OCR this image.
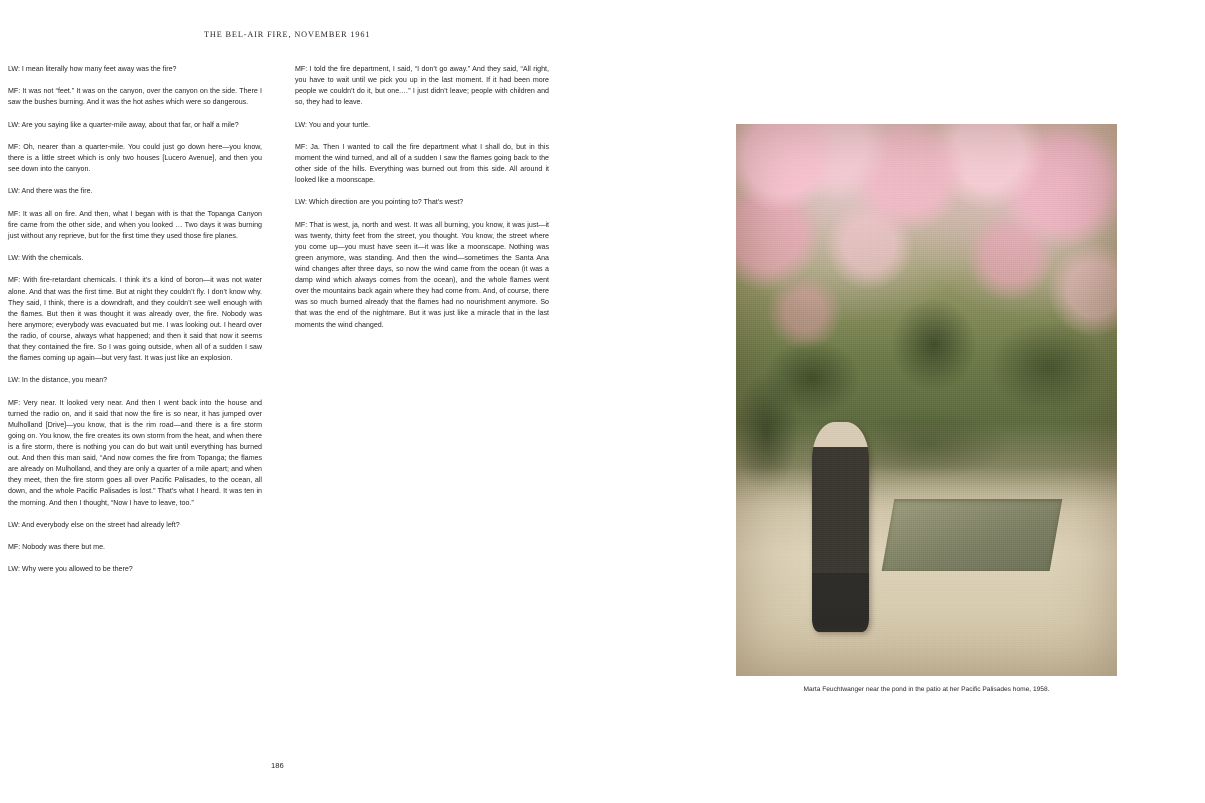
THE BEL-AIR FIRE, NOVEMBER 1961

LW: I mean literally how many feet away was the fire?

MF: It was not “feet.” It was on the canyon, over the canyon on the side. There I saw the bushes burning. And it was the hot ashes which were so dangerous.

LW: Are you saying like a quarter-mile away, about that far, or half a mile?

MF: Oh, nearer than a quarter-mile. You could just go down here—you know, there is a little street which is only two houses [Lucero Avenue], and then you see down into the canyon.

LW: And there was the fire.

MF: It was all on fire. And then, what I began with is that the Topanga Canyon fire came from the other side, and when you looked … Two days it was burning just without any reprieve, but for the first time they used those fire planes.

LW: With the chemicals.

MF: With fire-retardant chemicals. I think it’s a kind of boron—it was not water alone. And that was the first time. But at night they couldn’t fly. I don’t know why. They said, I think, there is a downdraft, and they couldn’t see well enough with the flames. But then it was thought it was already over, the fire. Nobody was here anymore; everybody was evacuated but me. I was looking out. I heard over the radio, of course, always what happened; and then it said that now it seems that they contained the fire. So I was going outside, when all of a sudden I saw the flames coming up again—but very fast. It was just like an explosion.

LW: In the distance, you mean?

MF: Very near. It looked very near. And then I went back into the house and turned the radio on, and it said that now the fire is so near, it has jumped over Mulholland [Drive]—you know, that is the rim road—and there is a fire storm going on. You know, the fire creates its own storm from the heat, and when there is a fire storm, there is nothing you can do but wait until everything has burned out. And then this man said, “And now comes the fire from Topanga; the flames are already on Mulholland, and they are only a quarter of a mile apart; and when they meet, then the fire storm goes all over Pacific Palisades, to the ocean, all down, and the whole Pacific Palisades is lost.” That’s what I heard. It was ten in the morning. And then I thought, “Now I have to leave, too.”

LW: And everybody else on the street had already left?

MF: Nobody was there but me.

LW: Why were you allowed to be there?

MF: I told the fire department, I said, “I don’t go away.” And they said, “All right, you have to wait until we pick you up in the last moment. If it had been more people we couldn’t do it, but one.…” I just didn’t leave; people with children and so, they had to leave.

LW: You and your turtle.

MF: Ja. Then I wanted to call the fire department what I shall do, but in this moment the wind turned, and all of a sudden I saw the flames going back to the other side of the hills. Everything was burned out from this side. All around it looked like a moonscape.

LW: Which direction are you pointing to? That’s west?

MF: That is west, ja, north and west. It was all burning, you know, it was just—it was twenty, thirty feet from the street, you thought. You know, the street where you come up—you must have seen it—it was like a moonscape. Nothing was green anymore, was standing. And then the wind—sometimes the Santa Ana wind changes after three days, so now the wind came from the ocean (it was a damp wind which always comes from the ocean), and the whole flames went over the mountains back again where they had come from. And, of course, there was so much burned already that the flames had no nourishment anymore. So that was the end of the nightmare. But it was just like a miracle that in the last moments the wind changed.

Marta Feuchtwanger near the pond in the patio at her Pacific Palisades home, 1958.
186
